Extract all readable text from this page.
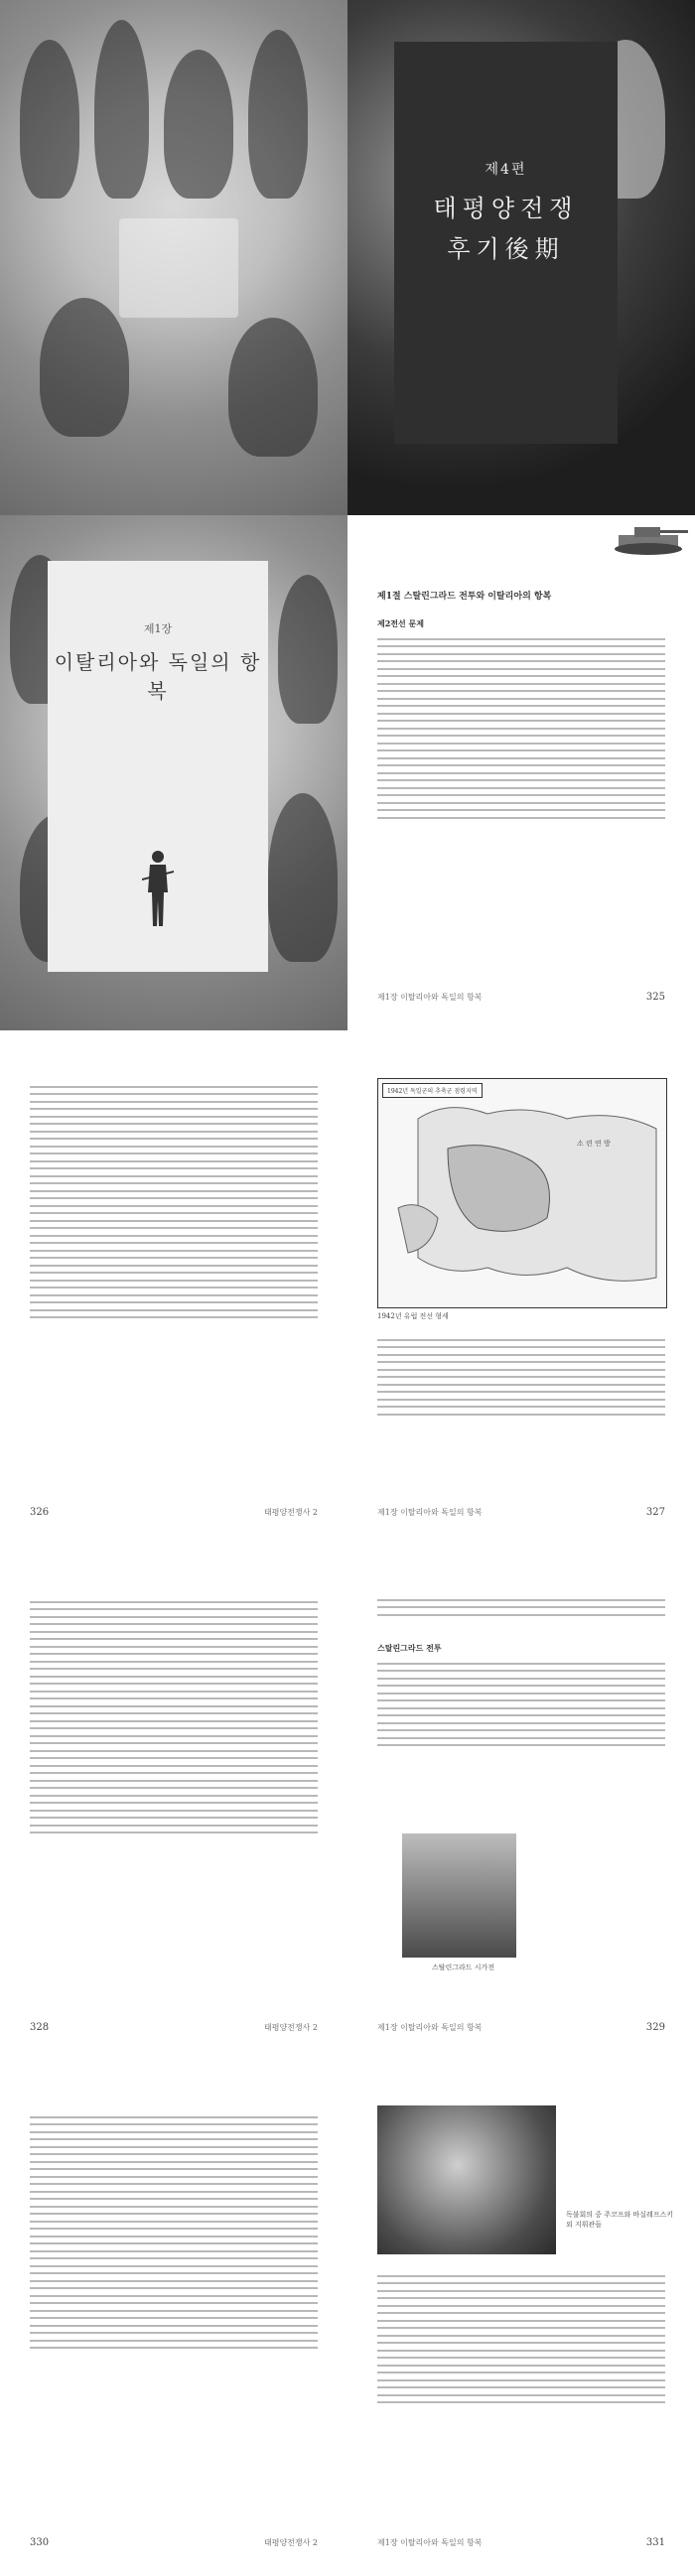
제4편
태평양전쟁
후기後期
제1장
이탈리아와 독일의 항복
제1절 스탈린그라드 전투와 이탈리아의 항복
제2전선 문제
제1장 이탈리아와 독일의 항복	325
326	태평양전쟁사 2
1942년 독일군의 추축군 점령지역
소 련 연 방
1942년 유럽 전선 형세
제1장 이탈리아와 독일의 항복	327
328	태평양전쟁사 2
스탈린그라드 전투
스탈린그라드 시가전
제1장 이탈리아와 독일의 항복	329
330	태평양전쟁사 2
독불회의 중 주코프와 바실레프스키 외 지휘관들
제1장 이탈리아와 독일의 항복	331
